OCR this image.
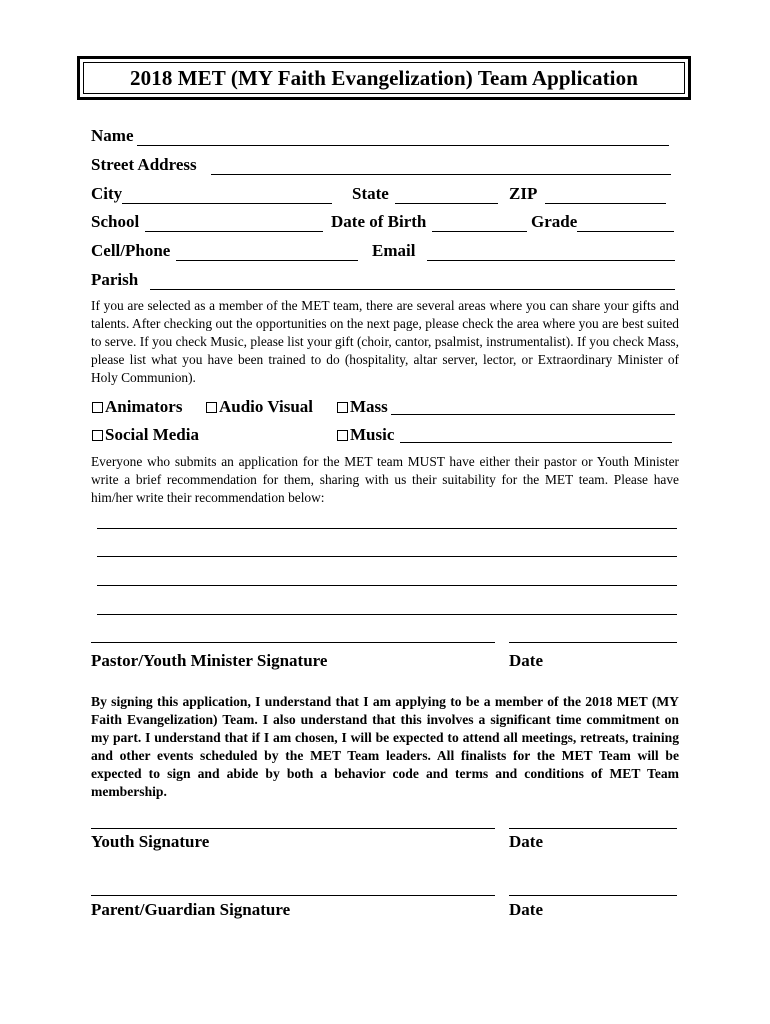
2018 MET (MY Faith Evangelization) Team Application
Name
Street Address
City	State	ZIP
School	Date of Birth	Grade
Cell/Phone	Email
Parish
If you are selected as a member of the MET team, there are several areas where you can share your gifts and talents. After checking out the opportunities on the next page, please check the area where you are best suited to serve. If you check Music, please list your gift (choir, cantor, psalmist, instrumentalist). If you check Mass, please list what you have been trained to do (hospitality, altar server, lector, or Extraordinary Minister of Holy Communion).
Animators Audio Visual Mass
Social Media	Music
Everyone who submits an application for the MET team MUST have either their pastor or Youth Minister write a brief recommendation for them, sharing with us their suitability for the MET team. Please have him/her write their recommendation below:
Pastor/Youth Minister Signature	Date
By signing this application, I understand that I am applying to be a member of the 2018 MET (MY Faith Evangelization) Team. I also understand that this involves a significant time commitment on my part. I understand that if I am chosen, I will be expected to attend all meetings, retreats, training and other events scheduled by the MET Team leaders. All finalists for the MET Team will be expected to sign and abide by both a behavior code and terms and conditions of MET Team membership.
Youth Signature	Date
Parent/Guardian Signature	Date
